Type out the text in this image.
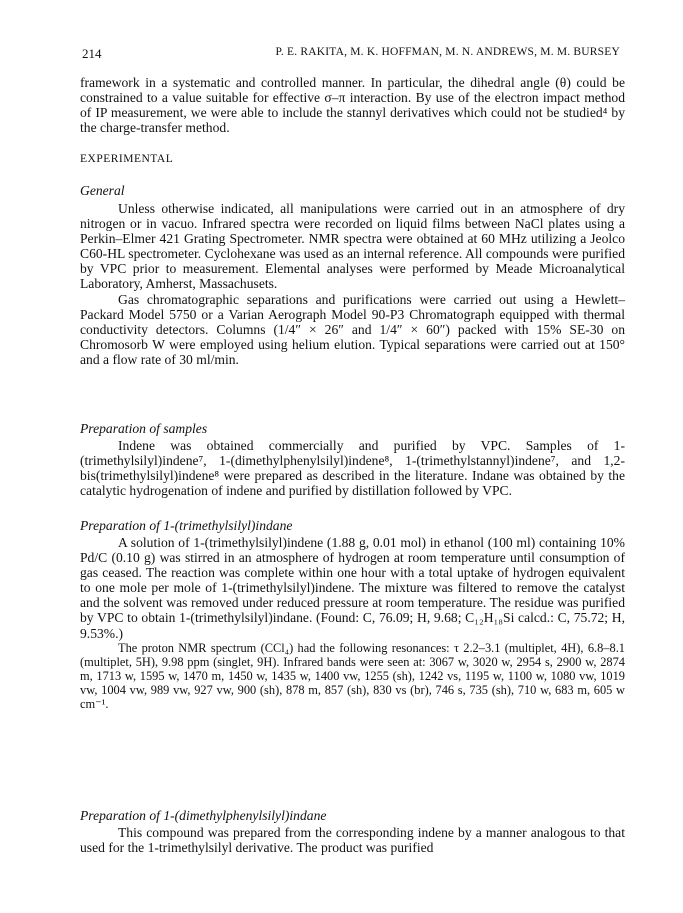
214	P. E. RAKITA, M. K. HOFFMAN, M. N. ANDREWS, M. M. BURSEY

framework in a systematic and controlled manner. In particular, the dihedral angle (θ) could be constrained to a value suitable for effective σ–π interaction. By use of the electron impact method of IP measurement, we were able to include the stannyl derivatives which could not be studied⁴ by the charge-transfer method.

EXPERIMENTAL
General

Unless otherwise indicated, all manipulations were carried out in an atmosphere of dry nitrogen or in vacuo. Infrared spectra were recorded on liquid films between NaCl plates using a Perkin–Elmer 421 Grating Spectrometer. NMR spectra were obtained at 60 MHz utilizing a Jeolco C60-HL spectrometer. Cyclohexane was used as an internal reference. All compounds were purified by VPC prior to measurement. Elemental analyses were performed by Meade Microanalytical Laboratory, Amherst, Massachusets.

Gas chromatographic separations and purifications were carried out using a Hewlett–Packard Model 5750 or a Varian Aerograph Model 90-P3 Chromatograph equipped with thermal conductivity detectors. Columns (1/4″ × 26″ and 1/4″ × 60″) packed with 15% SE-30 on Chromosorb W were employed using helium elution. Typical separations were carried out at 150° and a flow rate of 30 ml/min.

Preparation of samples

Indene was obtained commercially and purified by VPC. Samples of 1-(trimethylsilyl)indene⁷, 1-(dimethylphenylsilyl)indene⁸, 1-(trimethylstannyl)indene⁷, and 1,2-bis(trimethylsilyl)indene⁸ were prepared as described in the literature. Indane was obtained by the catalytic hydrogenation of indene and purified by distillation followed by VPC.

Preparation of 1-(trimethylsilyl)indane

A solution of 1-(trimethylsilyl)indene (1.88 g, 0.01 mol) in ethanol (100 ml) containing 10% Pd/C (0.10 g) was stirred in an atmosphere of hydrogen at room temperature until consumption of gas ceased. The reaction was complete within one hour with a total uptake of hydrogen equivalent to one mole per mole of 1-(trimethylsilyl)indene. The mixture was filtered to remove the catalyst and the solvent was removed under reduced pressure at room temperature. The residue was purified by VPC to obtain 1-(trimethylsilyl)indane. (Found: C, 76.09; H, 9.68; C₁₂H₁₈Si calcd.: C, 75.72; H, 9.53%.)

The proton NMR spectrum (CCl₄) had the following resonances: τ 2.2–3.1 (multiplet, 4H), 6.8–8.1 (multiplet, 5H), 9.98 ppm (singlet, 9H). Infrared bands were seen at: 3067 w, 3020 w, 2954 s, 2900 w, 2874 m, 1713 w, 1595 w, 1470 m, 1450 w, 1435 w, 1400 vw, 1255 (sh), 1242 vs, 1195 w, 1100 w, 1080 vw, 1019 vw, 1004 vw, 989 vw, 927 vw, 900 (sh), 878 m, 857 (sh), 830 vs (br), 746 s, 735 (sh), 710 w, 683 m, 605 w cm⁻¹.

Preparation of 1-(dimethylphenylsilyl)indane

This compound was prepared from the corresponding indene by a manner analogous to that used for the 1-trimethylsilyl derivative. The product was purified
